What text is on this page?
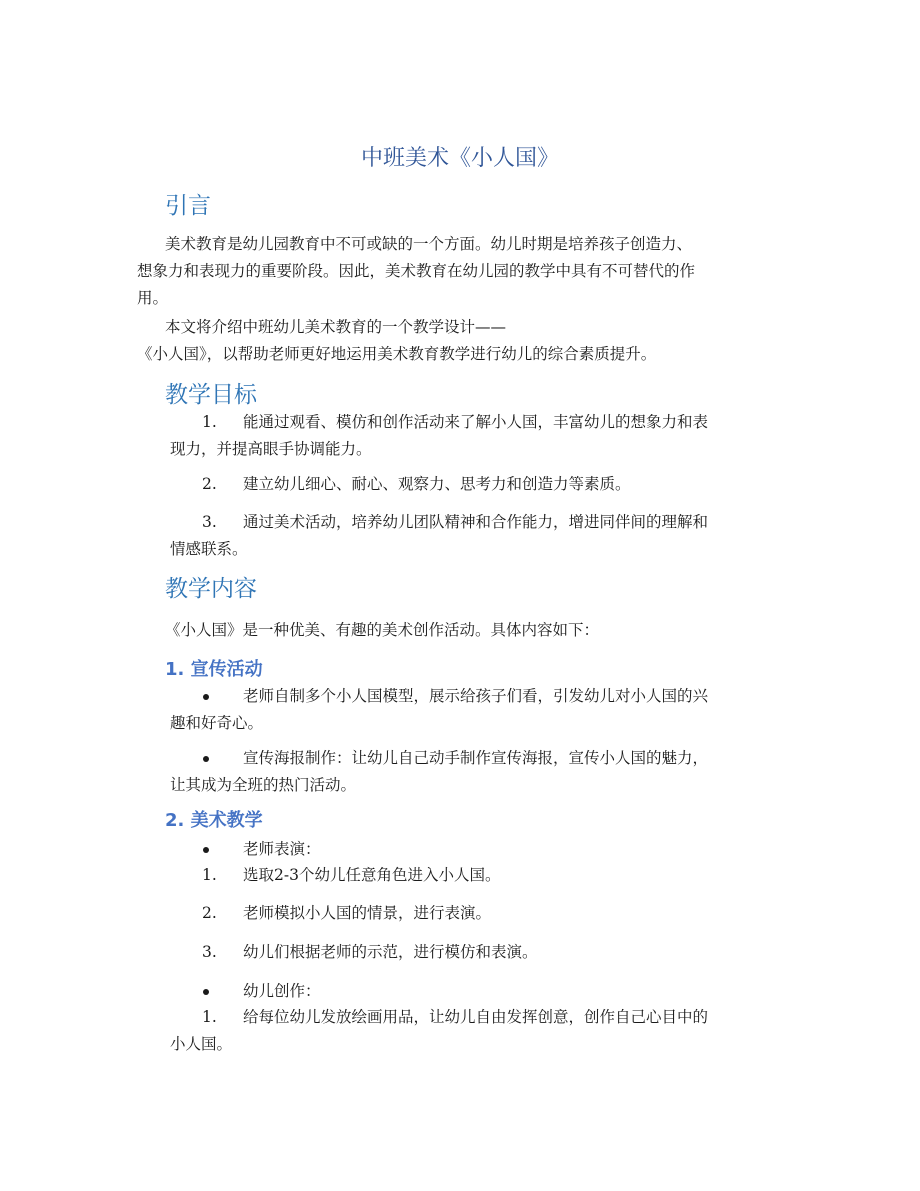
中班美术《小人国》
引言
美术教育是幼儿园教育中不可或缺的一个方面。幼儿时期是培养孩子创造力、
想象力和表现力的重要阶段。因此，美术教育在幼儿园的教学中具有不可替代的作
用。
本文将介绍中班幼儿美术教育的一个教学设计——
《小人国》，以帮助老师更好地运用美术教育教学进行幼儿的综合素质提升。
教学目标
1.	能通过观看、模仿和创作活动来了解小人国，丰富幼儿的想象力和表
现力，并提高眼手协调能力。
2.	建立幼儿细心、耐心、观察力、思考力和创造力等素质。
3.	通过美术活动，培养幼儿团队精神和合作能力，增进同伴间的理解和
情感联系。
教学内容
《小人国》是一种优美、有趣的美术创作活动。具体内容如下：
1. 宣传活动
老师自制多个小人国模型，展示给孩子们看，引发幼儿对小人国的兴
趣和好奇心。
宣传海报制作：让幼儿自己动手制作宣传海报，宣传小人国的魅力，
让其成为全班的热门活动。
2. 美术教学
老师表演：
1.	选取2-3个幼儿任意角色进入小人国。
2.	老师模拟小人国的情景，进行表演。
3.	幼儿们根据老师的示范，进行模仿和表演。
幼儿创作：
1.	给每位幼儿发放绘画用品，让幼儿自由发挥创意，创作自己心目中的
小人国。
